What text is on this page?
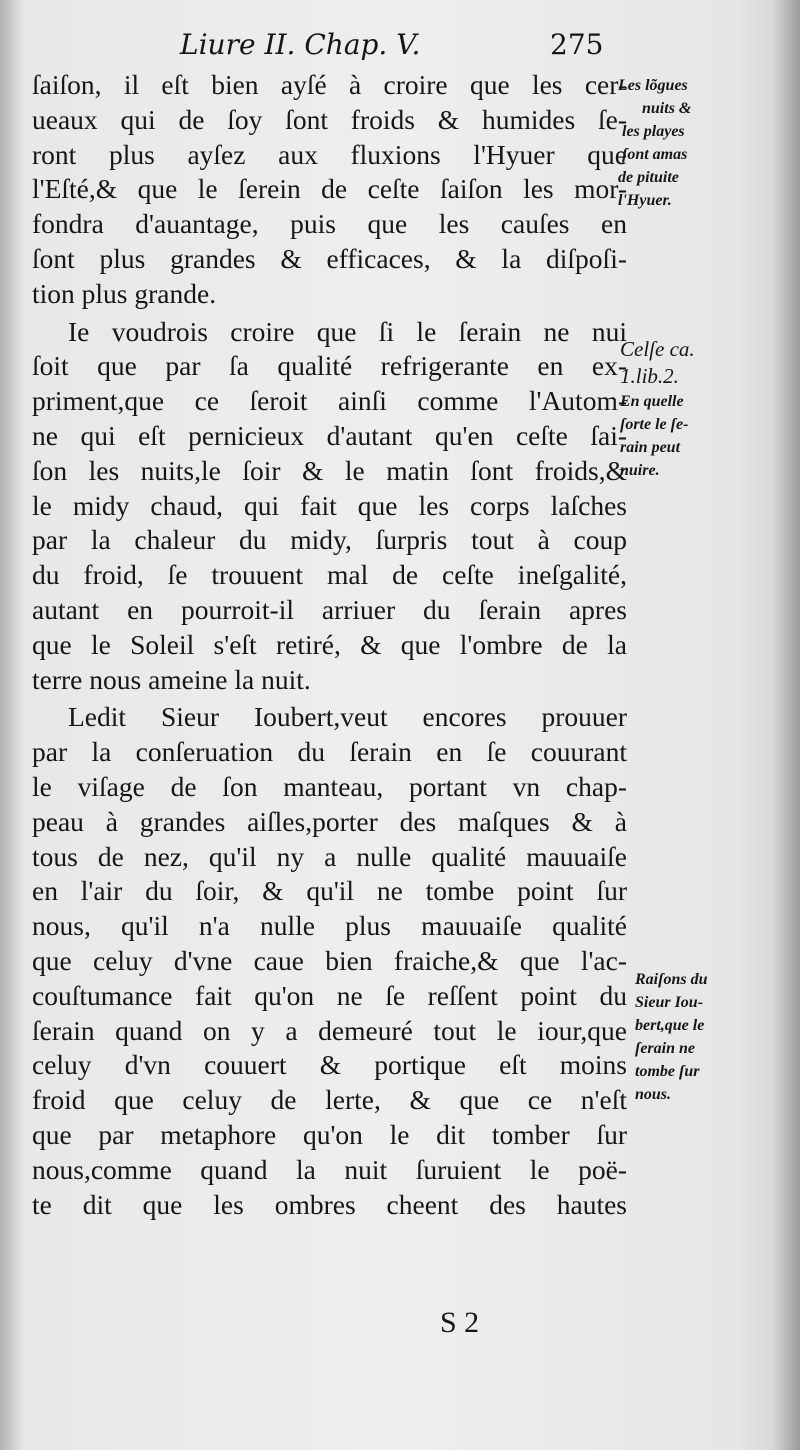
Liure II. Chap. V.	275

ſaiſon, il eſt bien ayſé à croire que les cer-
ueaux qui de ſoy ſont froids & humides ſe-
ront plus ayſez aux fluxions l'Hyuer que
l'Eſté,& que le ſerein de ceſte ſaiſon les mor-
fondra d'auantage, puis que les cauſes en
ſont plus grandes & efficaces, & la diſpoſi-
tion plus grande.

Ie voudrois croire que ſi le ſerain ne nui
ſoit que par ſa qualité refrigerante en ex-
priment,que ce ſeroit ainſi comme l'Autom-
ne qui eſt pernicieux d'autant qu'en ceſte ſai-
ſon les nuits,le ſoir & le matin ſont froids,&
le midy chaud, qui fait que les corps laſches
par la chaleur du midy, ſurpris tout à coup
du froid, ſe trouuent mal de ceſte ineſgalité,
autant en pourroit-il arriuer du ſerain apres
que le Soleil s'eſt retiré, & que l'ombre de la
terre nous ameine la nuit.

Ledit Sieur Ioubert,veut encores prouuer
par la conſeruation du ſerain en ſe couurant
le viſage de ſon manteau, portant vn chap-
peau à grandes aiſles,porter des maſques & à
tous de nez, qu'il ny a nulle qualité mauuaiſe
en l'air du ſoir, & qu'il ne tombe point ſur
nous, qu'il n'a nulle plus mauuaiſe qualité
que celuy d'vne caue bien fraiche,& que l'ac-
couſtumance fait qu'on ne ſe reſſent point du
ſerain quand on y a demeuré tout le iour,que
celuy d'vn couuert & portique eſt moins
froid que celuy de lerte, & que ce n'eſt
que par metaphore qu'on le dit tomber ſur
nous,comme quand la nuit ſuruient le poë-
te dit que les ombres cheent des hautes

Les lõgues
nuits &
les playes
ſont amas
de pituite
l'Hyuer.
Celſe ca.
1.lib.2.
En quelle
ſorte le ſe-
rain peut
nuire.
Raiſons du
Sieur Iou-
bert,que le
ſerain ne
tombe ſur
nous.
S 2
